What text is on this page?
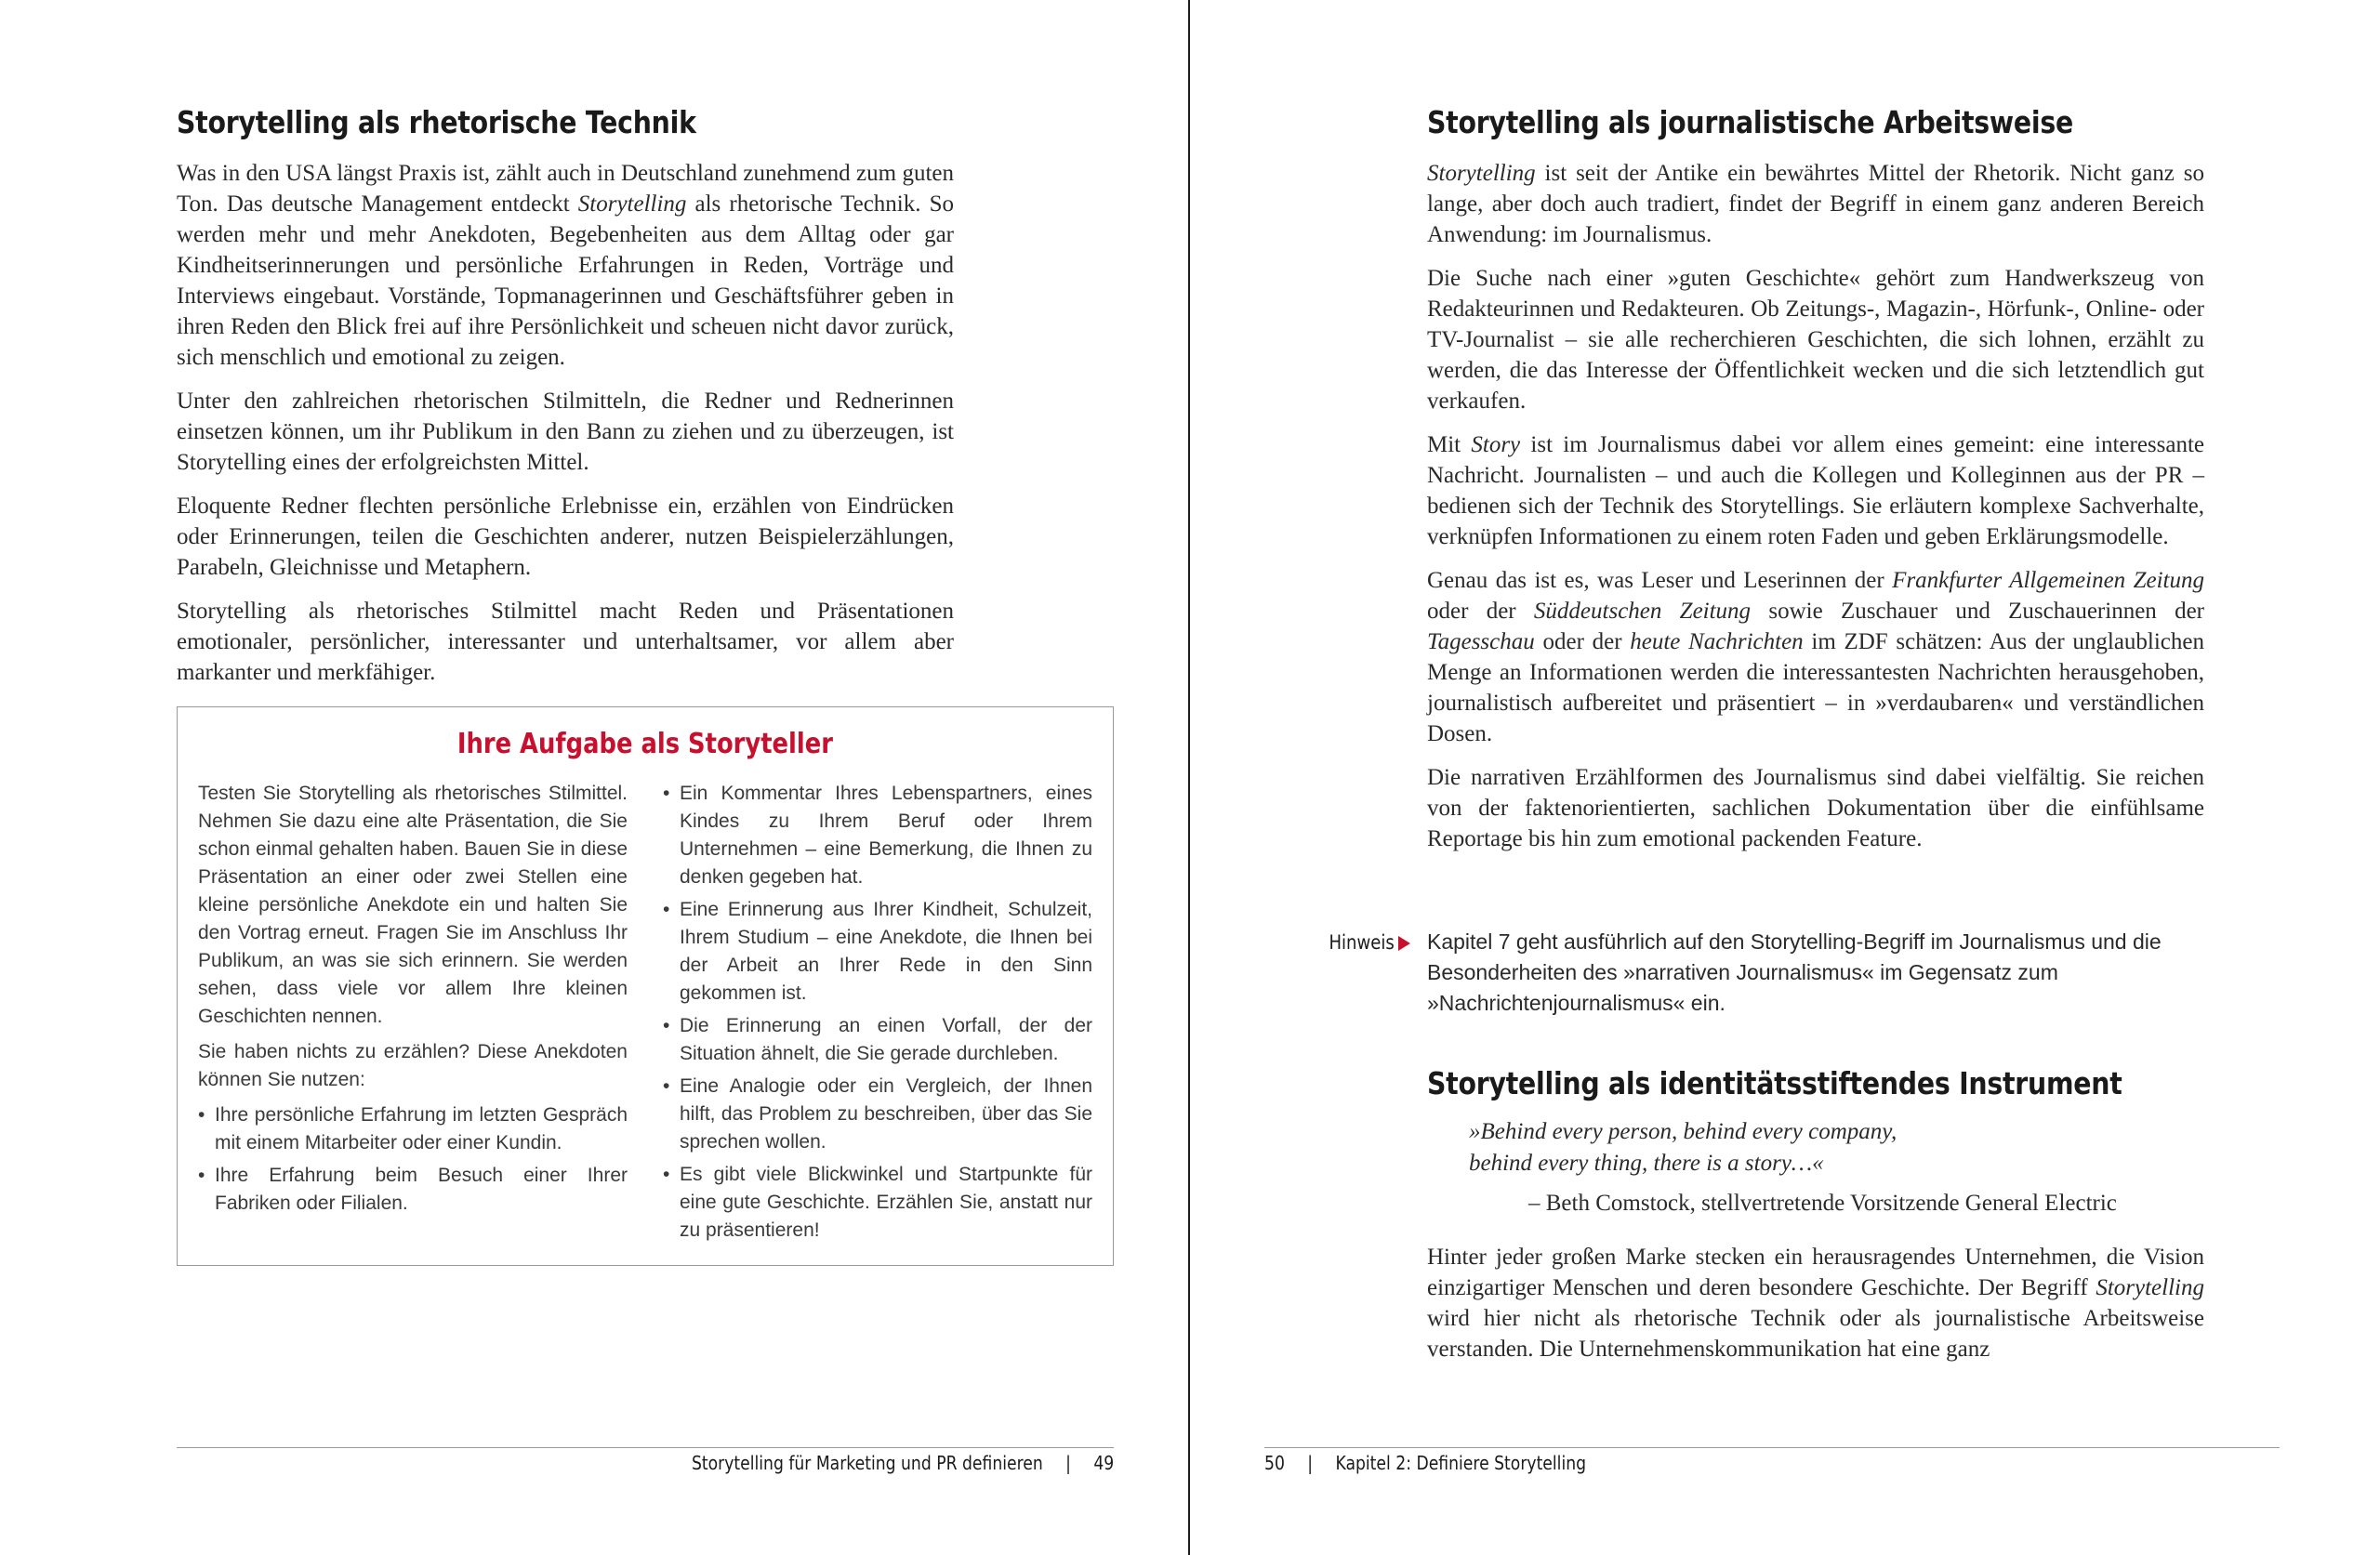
Storytelling als rhetorische Technik

Was in den USA längst Praxis ist, zählt auch in Deutschland zunehmend zum guten Ton. Das deutsche Management entdeckt Storytelling als rhetorische Technik. So werden mehr und mehr Anekdoten, Begebenheiten aus dem Alltag oder gar Kindheitserinnerungen und persönliche Erfahrungen in Reden, Vorträge und Interviews eingebaut. Vorstände, Topmanagerinnen und Geschäftsführer geben in ihren Reden den Blick frei auf ihre Persönlichkeit und scheuen nicht davor zurück, sich menschlich und emotional zu zeigen.

Unter den zahlreichen rhetorischen Stilmitteln, die Redner und Rednerinnen einsetzen können, um ihr Publikum in den Bann zu ziehen und zu überzeugen, ist Storytelling eines der erfolgreichsten Mittel.

Eloquente Redner flechten persönliche Erlebnisse ein, erzählen von Eindrücken oder Erinnerungen, teilen die Geschichten anderer, nutzen Beispielerzählungen, Parabeln, Gleichnisse und Metaphern.

Storytelling als rhetorisches Stilmittel macht Reden und Präsentationen emotionaler, persönlicher, interessanter und unterhaltsamer, vor allem aber markanter und merkfähiger.

Ihre Aufgabe als Storyteller

Testen Sie Storytelling als rhetorisches Stilmittel. Nehmen Sie dazu eine alte Präsentation, die Sie schon einmal gehalten haben. Bauen Sie in diese Präsentation an einer oder zwei Stellen eine kleine persönliche Anekdote ein und halten Sie den Vortrag erneut. Fragen Sie im Anschluss Ihr Publikum, an was sie sich erinnern. Sie werden sehen, dass viele vor allem Ihre kleinen Geschichten nennen.

Sie haben nichts zu erzählen? Diese Anekdoten können Sie nutzen:

• Ihre persönliche Erfahrung im letzten Gespräch mit einem Mitarbeiter oder einer Kundin.
• Ihre Erfahrung beim Besuch einer Ihrer Fabriken oder Filialen.
• Ein Kommentar Ihres Lebenspartners, eines Kindes zu Ihrem Beruf oder Ihrem Unternehmen – eine Bemerkung, die Ihnen zu denken gegeben hat.
• Eine Erinnerung aus Ihrer Kindheit, Schulzeit, Ihrem Studium – eine Anekdote, die Ihnen bei der Arbeit an Ihrer Rede in den Sinn gekommen ist.
• Die Erinnerung an einen Vorfall, der der Situation ähnelt, die Sie gerade durchleben.
• Eine Analogie oder ein Vergleich, der Ihnen hilft, das Problem zu beschreiben, über das Sie sprechen wollen.
• Es gibt viele Blickwinkel und Startpunkte für eine gute Geschichte. Erzählen Sie, anstatt nur zu präsentieren!
Storytelling für Marketing und PR definieren | 49
Storytelling als journalistische Arbeitsweise

Storytelling ist seit der Antike ein bewährtes Mittel der Rhetorik. Nicht ganz so lange, aber doch auch tradiert, findet der Begriff in einem ganz anderen Bereich Anwendung: im Journalismus.

Die Suche nach einer »guten Geschichte« gehört zum Handwerkszeug von Redakteurinnen und Redakteuren. Ob Zeitungs-, Magazin-, Hörfunk-, Online- oder TV-Journalist – sie alle recherchieren Geschichten, die sich lohnen, erzählt zu werden, die das Interesse der Öffentlichkeit wecken und die sich letztendlich gut verkaufen.

Mit Story ist im Journalismus dabei vor allem eines gemeint: eine interessante Nachricht. Journalisten – und auch die Kollegen und Kolleginnen aus der PR – bedienen sich der Technik des Storytellings. Sie erläutern komplexe Sachverhalte, verknüpfen Informationen zu einem roten Faden und geben Erklärungsmodelle.

Genau das ist es, was Leser und Leserinnen der Frankfurter Allgemeinen Zeitung oder der Süddeutschen Zeitung sowie Zuschauer und Zuschauerinnen der Tagesschau oder der heute Nachrichten im ZDF schätzen: Aus der unglaublichen Menge an Informationen werden die interessantesten Nachrichten herausgehoben, journalistisch aufbereitet und präsentiert – in »verdaubaren« und verständlichen Dosen.

Die narrativen Erzählformen des Journalismus sind dabei vielfältig. Sie reichen von der faktenorientierten, sachlichen Dokumentation über die einfühlsame Reportage bis hin zum emotional packenden Feature.

Hinweis	Kapitel 7 geht ausführlich auf den Storytelling-Begriff im Journalismus und die Besonderheiten des »narrativen Journalismus« im Gegensatz zum »Nachrichtenjournalismus« ein.
Storytelling als identitätsstiftendes Instrument
»Behind every person, behind every company,
behind every thing, there is a story…«
– Beth Comstock, stellvertretende Vorsitzende General Electric

Hinter jeder großen Marke stecken ein herausragendes Unternehmen, die Vision einzigartiger Menschen und deren besondere Geschichte. Der Begriff Storytelling wird hier nicht als rhetorische Technik oder als journalistische Arbeitsweise verstanden. Die Unternehmenskommunikation hat eine ganz

50 | Kapitel 2: Definiere Storytelling
